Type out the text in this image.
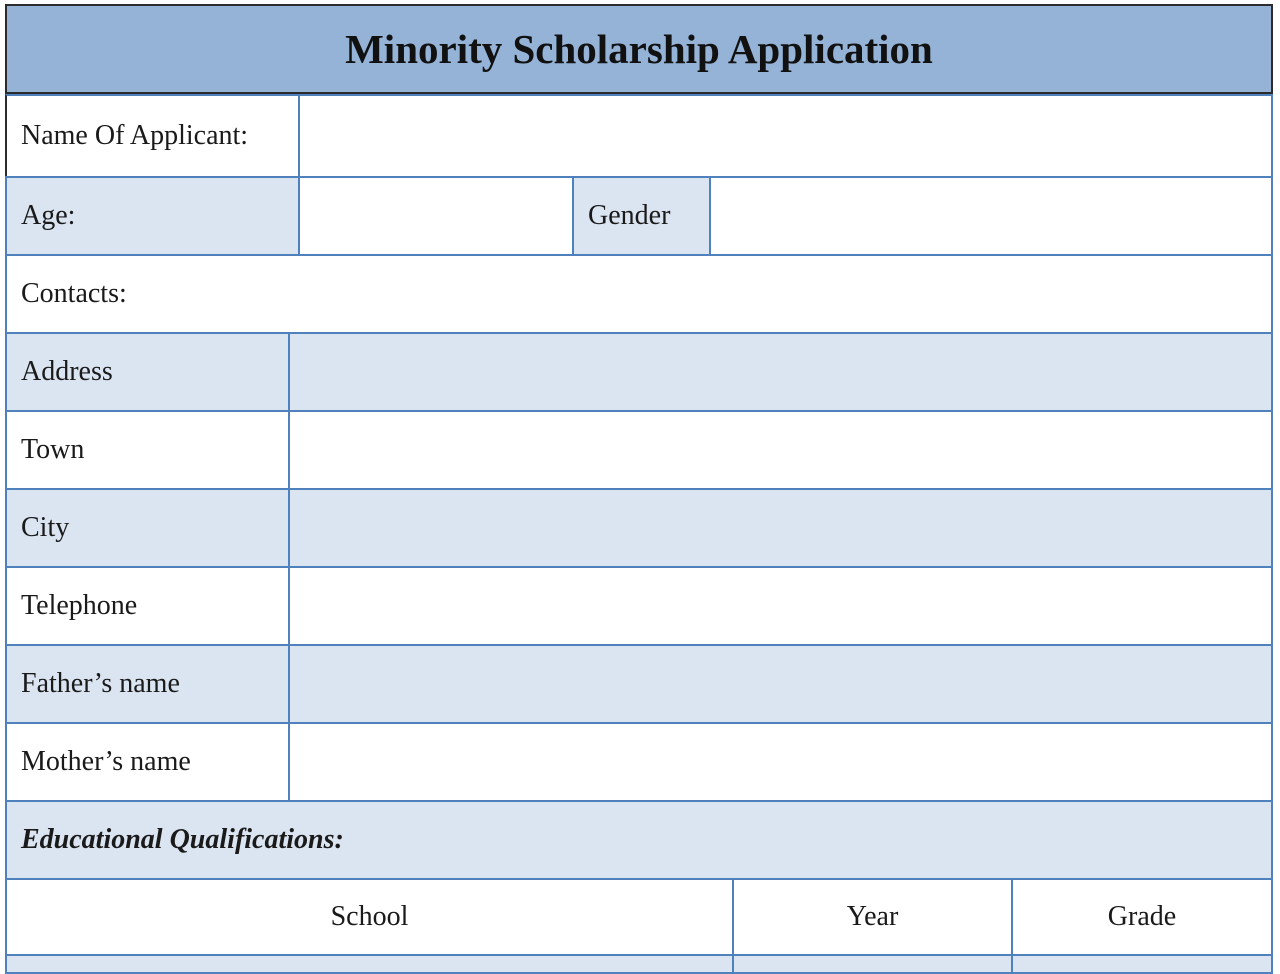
Minority Scholarship Application
Name Of Applicant:
Age:	Gender
Contacts:
Address
Town
City
Telephone
Father’s name
Mother’s name
Educational Qualifications:
School	Year	Grade
